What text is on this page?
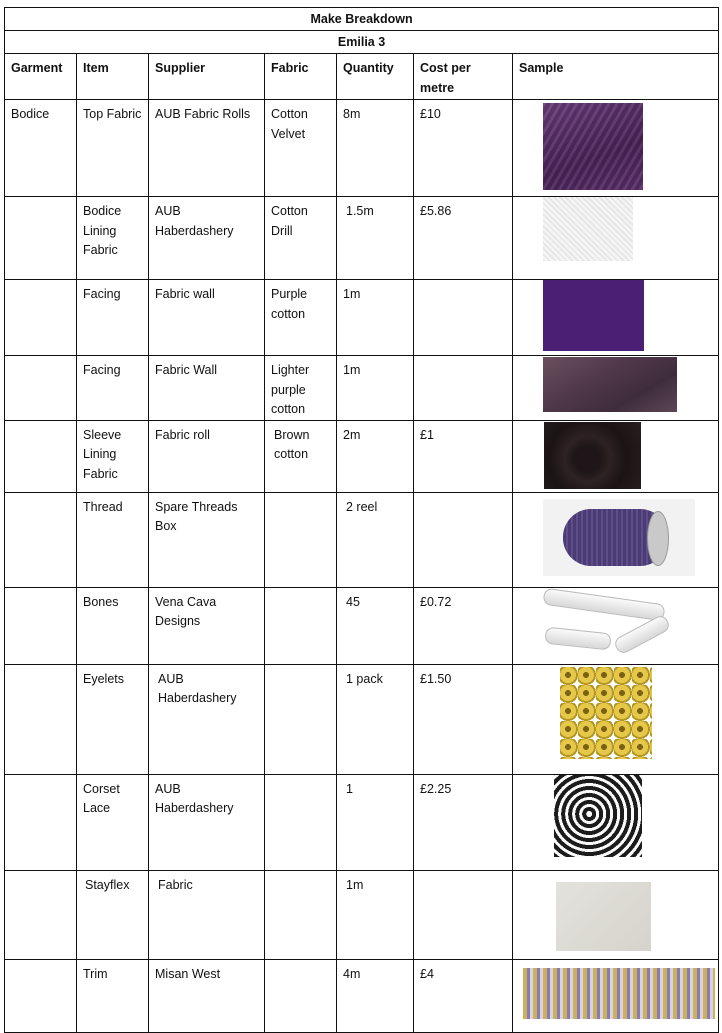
Make Breakdown						
Emilia 3						
Garment	Item	Supplier	Fabric	Quantity	Cost per metre	Sample
Bodice	Top Fabric	AUB Fabric Rolls	Cotton Velvet	8m	£10	

	Bodice Lining Fabric	AUB Haberdashery	Cotton Drill	1.5m	£5.86	

	Facing	Fabric wall	Purple cotton	1m		

	Facing	Fabric Wall	Lighter purple cotton	1m		

	Sleeve Lining Fabric	Fabric roll	Brown cotton	2m	£1	

	Thread	Spare Threads Box		2 reel		

	Bones	Vena Cava Designs		45	£0.72	

	Eyelets	AUB Haberdashery		1 pack	£1.50	

	Corset Lace	AUB Haberdashery		1	£2.25	

	Stayflex	Fabric		1m		

	Trim	Misan West		4m	£4	
